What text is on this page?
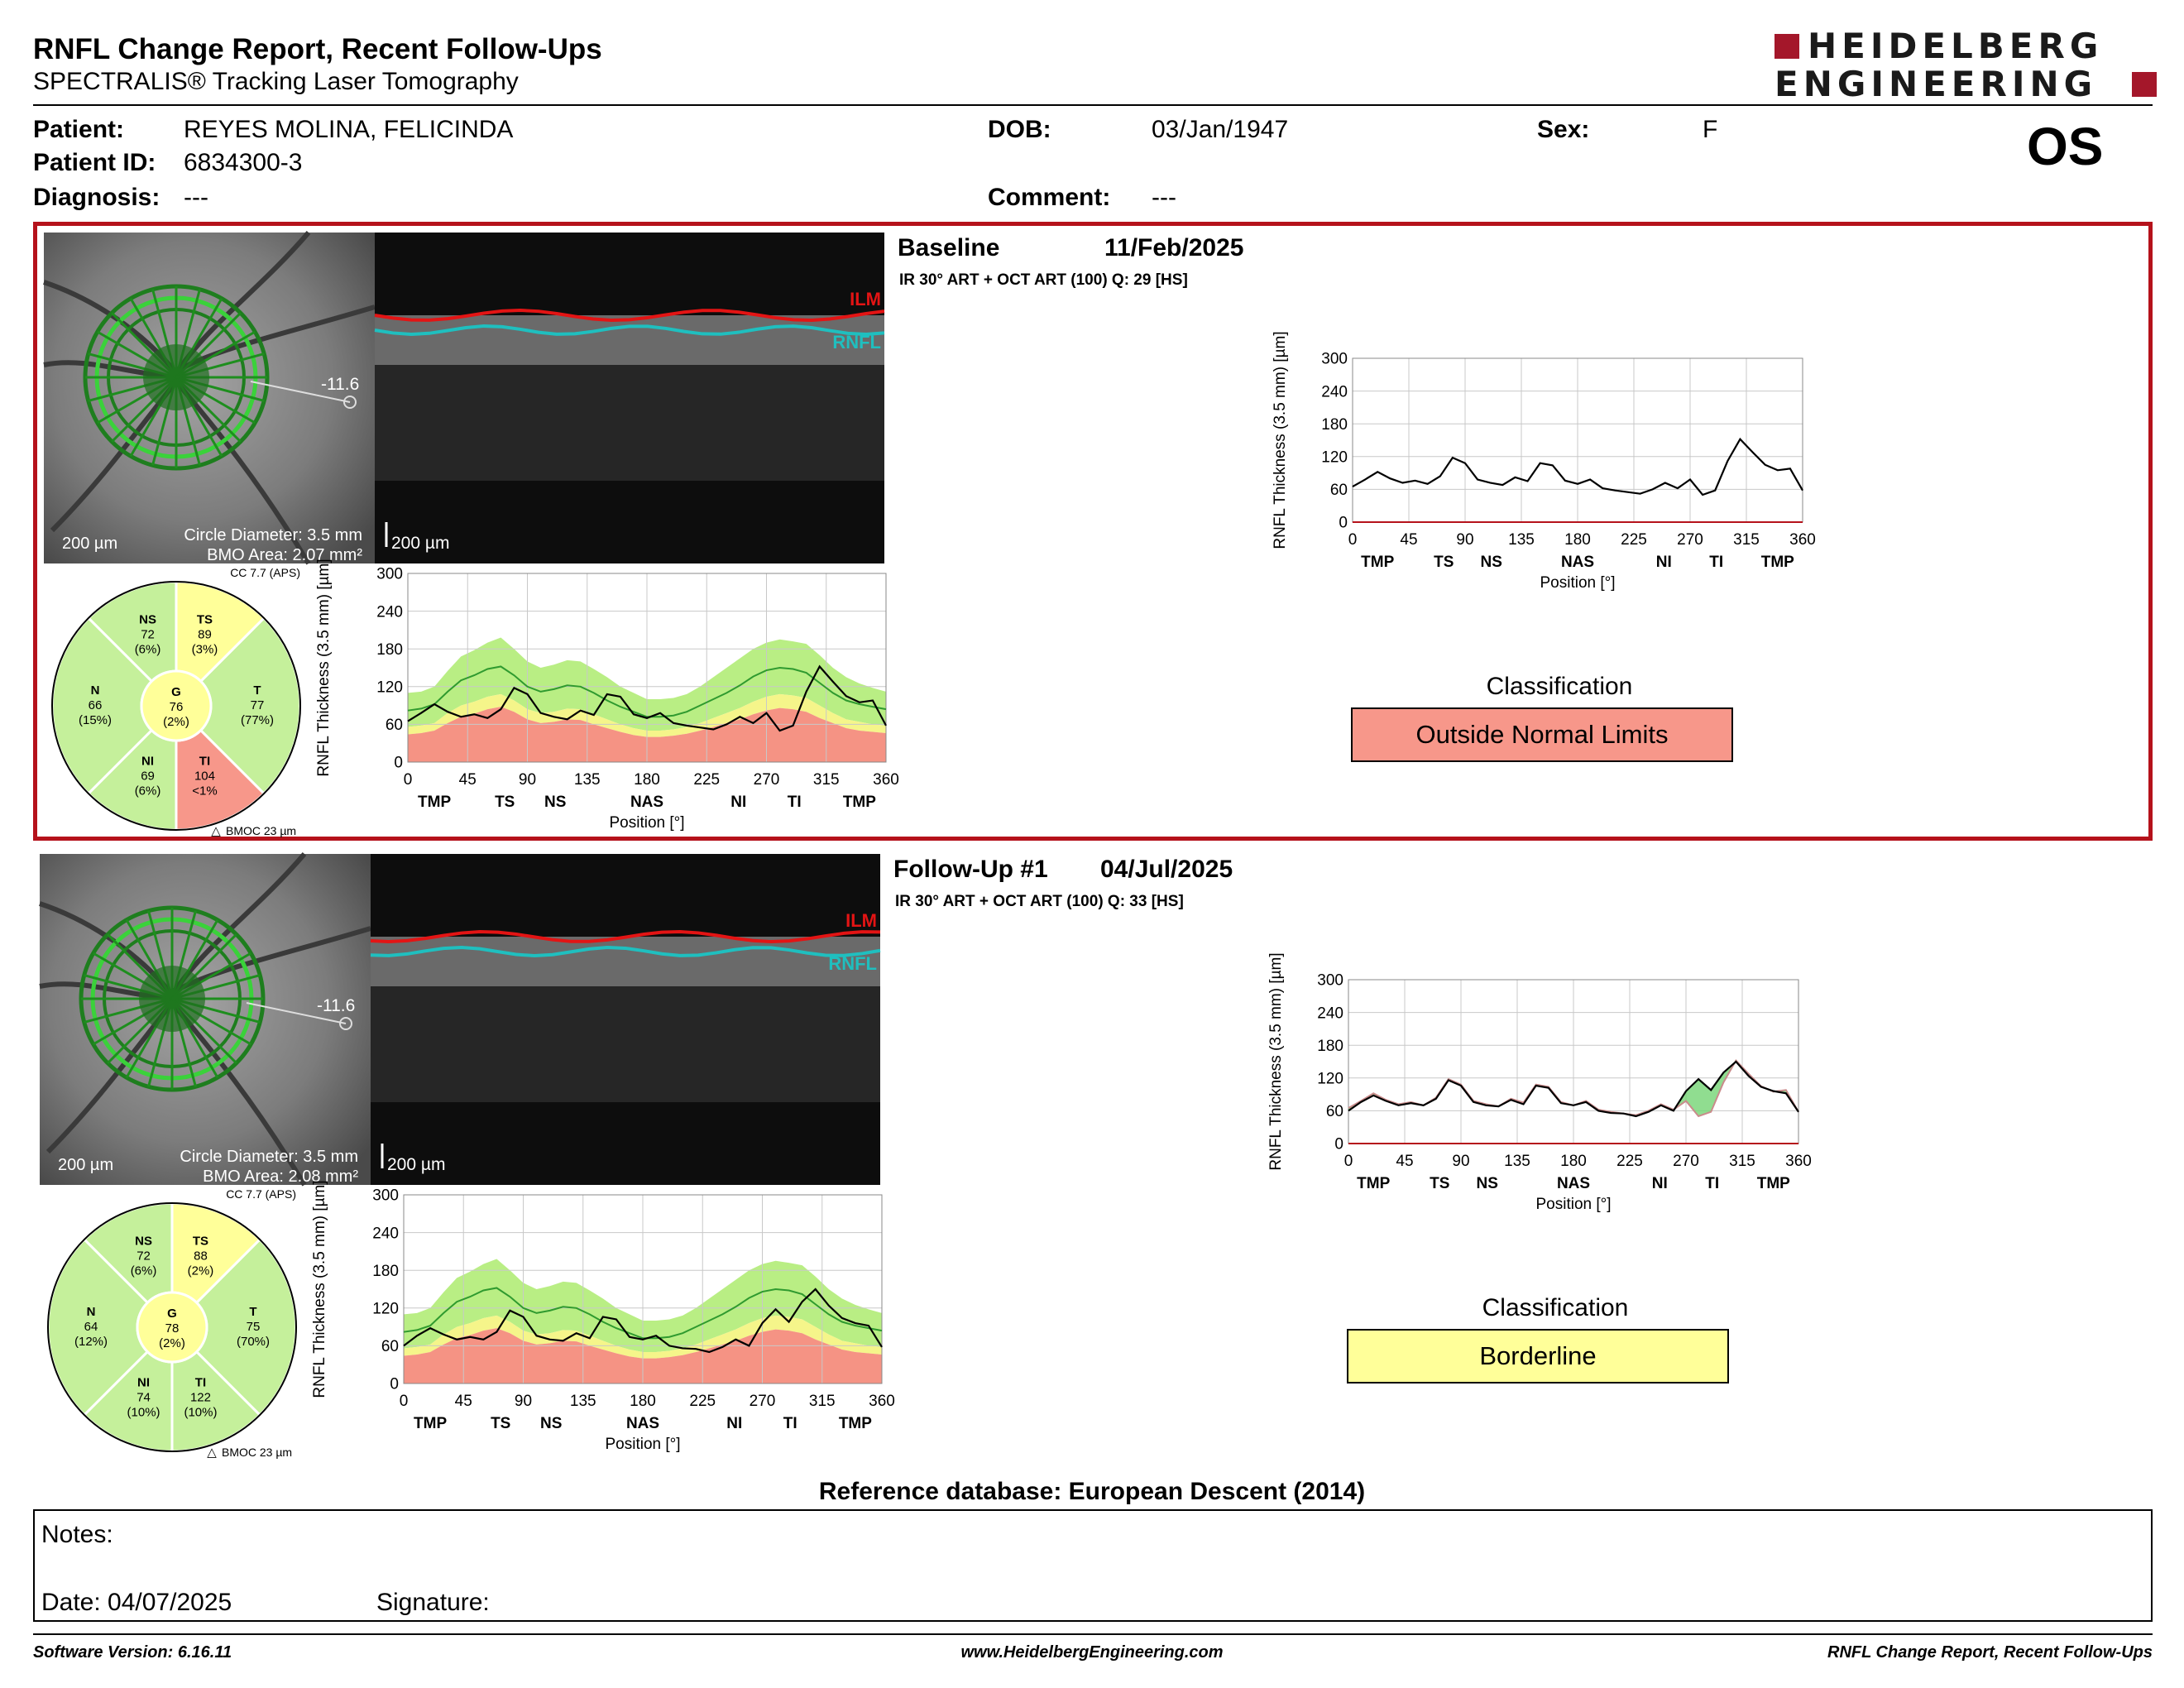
RNFL Change Report, Recent Follow-Ups
SPECTRALIS® Tracking Laser Tomography
HEIDELBERG
ENGINEERING
Patient: REYES MOLINA, FELICINDA
Patient ID: 6834300-3
Diagnosis: ---
DOB:	03/Jan/1947
Comment: ---
Sex:	F	OS
-11.6
200 µm	Circle Diameter: 3.5 mm
BMO Area: 2.07 mm²
ILM
RNFL
200 µm
T
77
(77%)
TS
89
(3%)
NS
72
(6%)
N
66
(15%)
NI
69
(6%)
TI
104
<1%
G
76
(2%)
CC 7.7 (APS)
△ BMOC 23 µm
0	45	90 135 180 225 270 315 360
0
60
120
180
240
300
TMP	TS NS	NAS	NI	TI	TMP
Position [°]
RNFL Thickness (3.5 mm) [µm]
Baseline	11/Feb/2025
IR 30° ART + OCT ART (100) Q: 29 [HS]
0	45 90 135 180 225 270 315 360
0
60
120
180
240
300
TMP	TS NS	NAS	NI TI TMP
Position [°]
RNFL Thickness (3.5 mm) [µm]
Classification
Outside Normal Limits
-11.6
200 µm	Circle Diameter: 3.5 mm
BMO Area: 2.08 mm²
ILM
RNFL
200 µm
T
75
(70%)
TS
88
(2%)
NS
72
(6%)
N
64
(12%)
NI
74
(10%)
TI
122
(10%)
G
78
(2%)
CC 7.7 (APS)
△ BMOC 23 µm
0	45	90 135 180 225 270 315 360
0
60
120
180
240
300
TMP	TS NS	NAS	NI	TI	TMP
Position [°]
RNFL Thickness (3.5 mm) [µm]
Follow-Up #1 04/Jul/2025
IR 30° ART + OCT ART (100) Q: 33 [HS]
0	45 90 135 180 225 270 315 360
0
60
120
180
240
300
TMP	TS NS	NAS	NI TI TMP
Position [°]
RNFL Thickness (3.5 mm) [µm]
Classification
Borderline
Reference database: European Descent (2014)
Notes:
Date: 04/07/2025	Signature:
Software Version: 6.16.11	www.HeidelbergEngineering.com	RNFL Change Report, Recent Follow-Ups
